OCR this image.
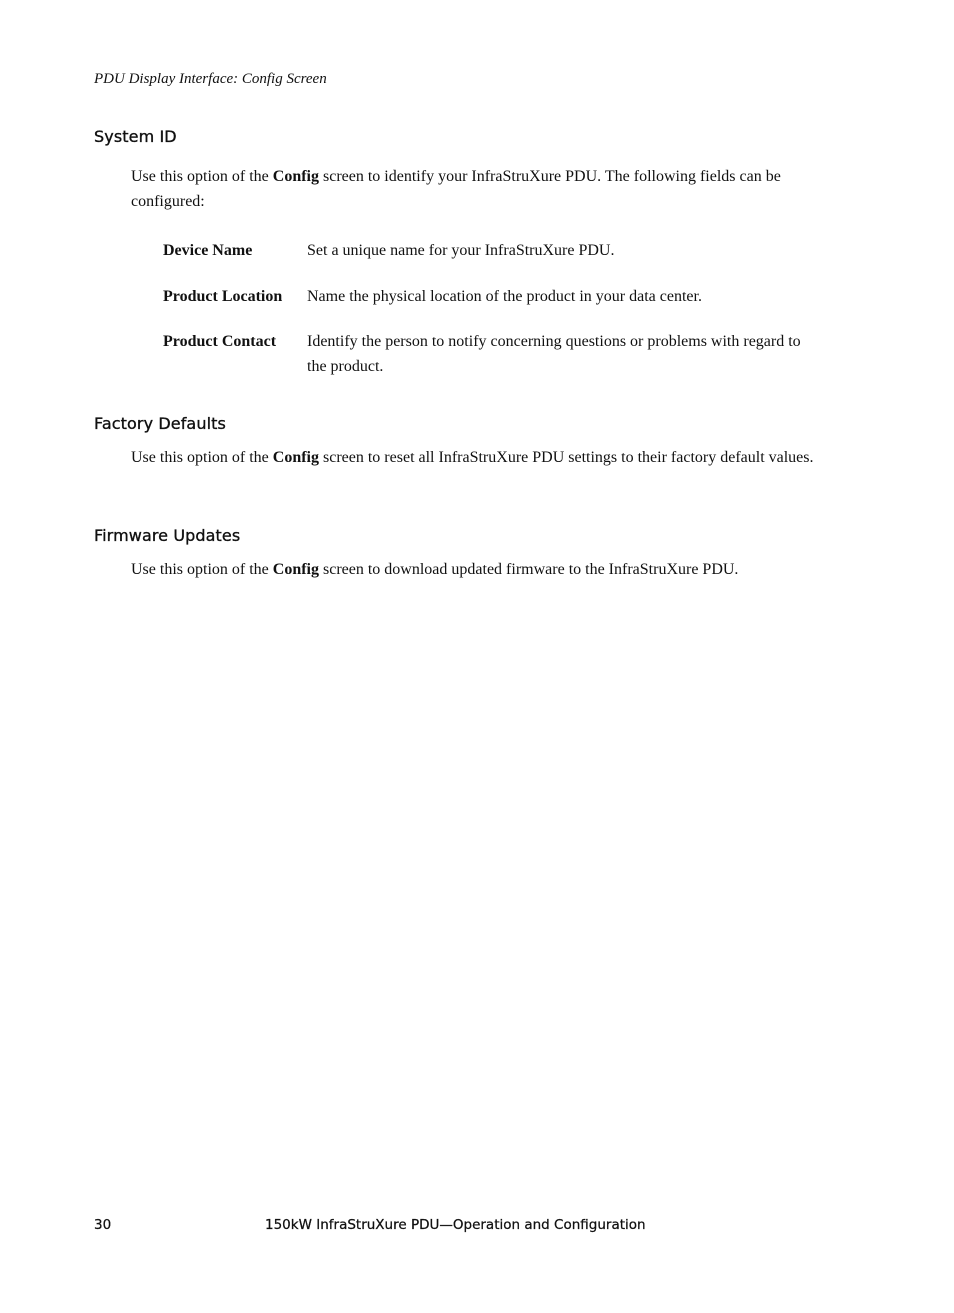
PDU Display Interface: Config Screen
System ID

Use this option of the Config screen to identify your InfraStruXure PDU. The following fields can be configured:

Device Name	Set a unique name for your InfraStruXure PDU.
Product Location Name the physical location of the product in your data center.
Product Contact Identify the person to notify concerning questions or problems with regard to the product.
Factory Defaults

Use this option of the Config screen to reset all InfraStruXure PDU settings to their factory default values.

Firmware Updates

Use this option of the Config screen to download updated firmware to the InfraStruXure PDU.

30	150kW InfraStruXure PDU—Operation and Configuration
